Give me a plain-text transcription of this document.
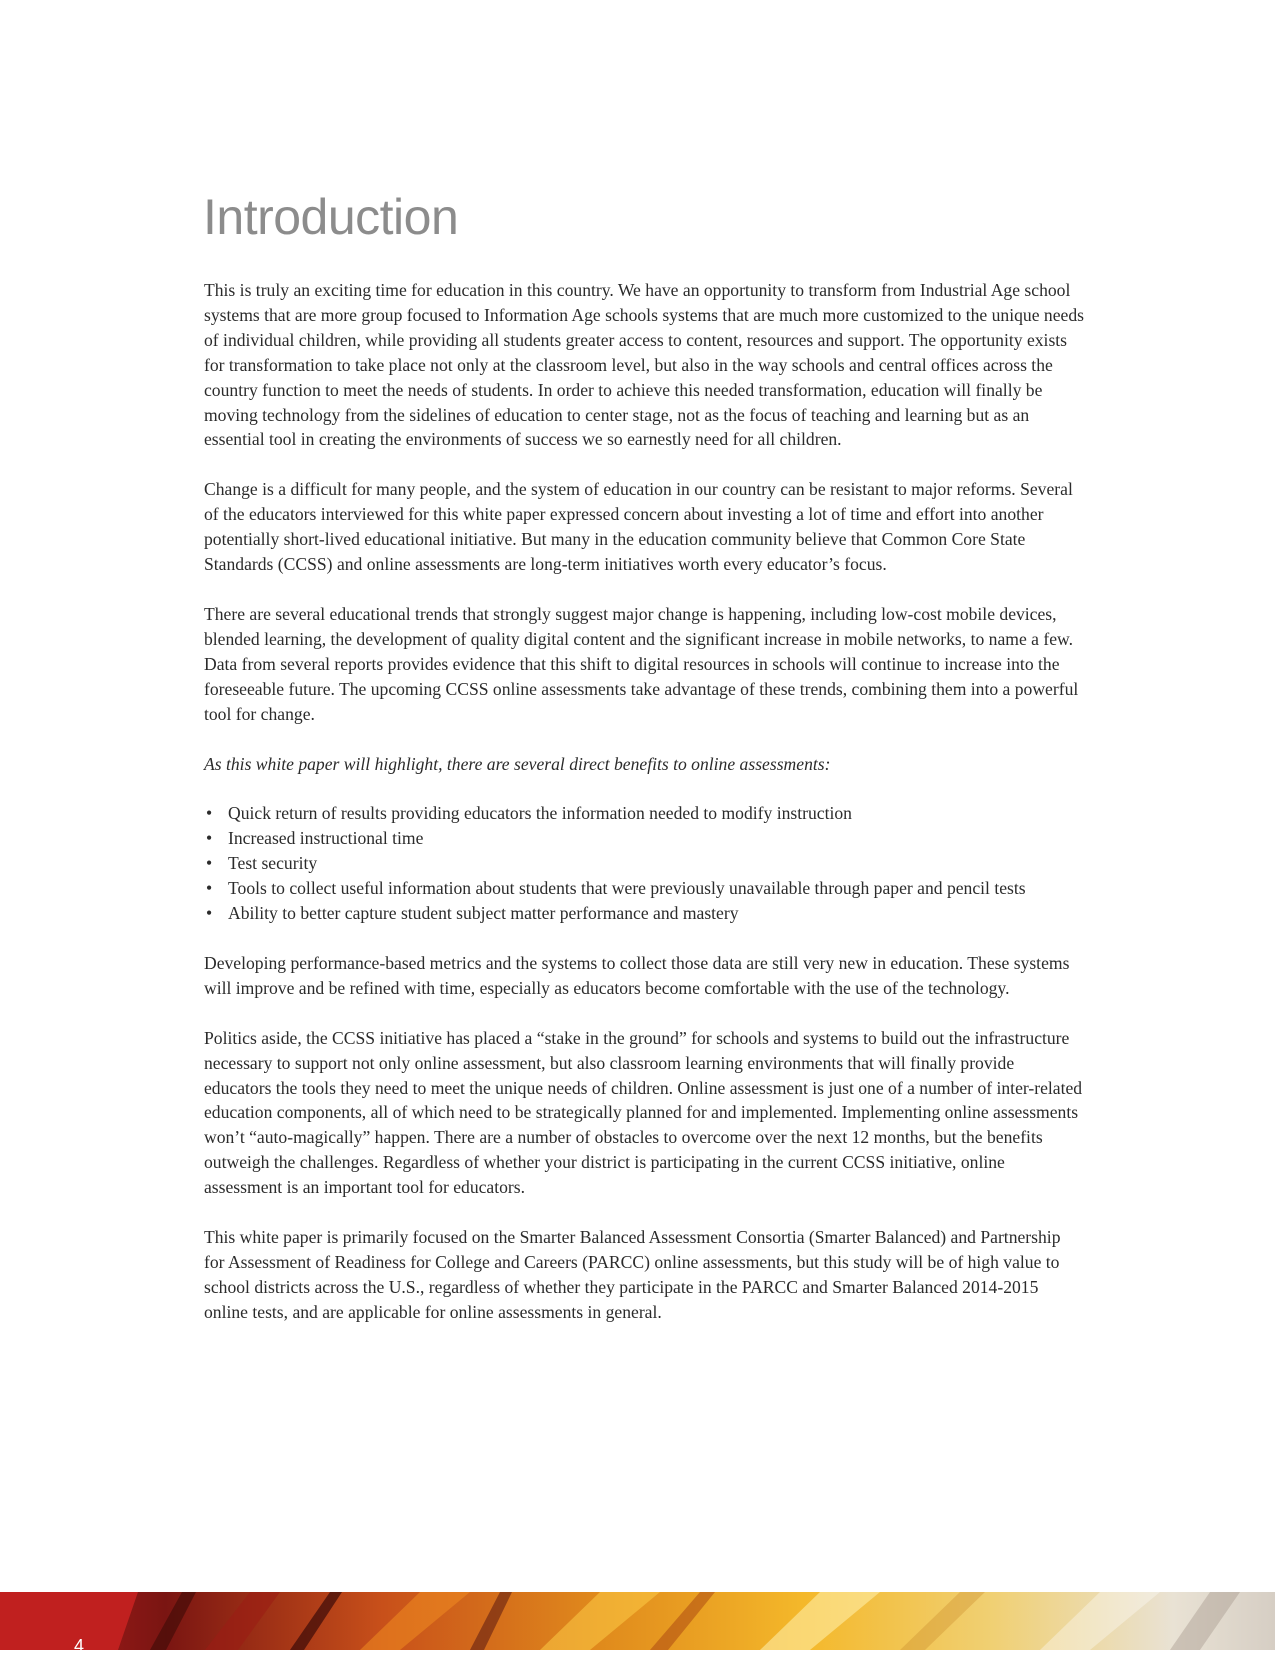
Introduction

This is truly an exciting time for education in this country. We have an opportunity to transform from Industrial Age school systems that are more group focused to Information Age schools systems that are much more customized to the unique needs of individual children, while providing all students greater access to content, resources and support. The opportunity exists for transformation to take place not only at the classroom level, but also in the way schools and central offices across the country function to meet the needs of students. In order to achieve this needed transformation, education will finally be moving technology from the sidelines of education to center stage, not as the focus of teaching and learning but as an essential tool in creating the environments of success we so earnestly need for all children.

Change is a difficult for many people, and the system of education in our country can be resistant to major reforms. Several of the educators interviewed for this white paper expressed concern about investing a lot of time and effort into another potentially short-lived educational initiative. But many in the education community believe that Common Core State Standards (CCSS) and online assessments are long-term initiatives worth every educator’s focus.

There are several educational trends that strongly suggest major change is happening, including low-cost mobile devices, blended learning, the development of quality digital content and the significant increase in mobile networks, to name a few. Data from several reports provides evidence that this shift to digital resources in schools will continue to increase into the foreseeable future. The upcoming CCSS online assessments take advantage of these trends, combining them into a powerful tool for change.

As this white paper will highlight, there are several direct benefits to online assessments:

• Quick return of results providing educators the information needed to modify instruction
• Increased instructional time
• Test security
• Tools to collect useful information about students that were previously unavailable through paper and pencil tests
• Ability to better capture student subject matter performance and mastery

Developing performance-based metrics and the systems to collect those data are still very new in education. These systems will improve and be refined with time, especially as educators become comfortable with the use of the technology.

Politics aside, the CCSS initiative has placed a “stake in the ground” for schools and systems to build out the infrastructure necessary to support not only online assessment, but also classroom learning environments that will finally provide educators the tools they need to meet the unique needs of children. Online assessment is just one of a number of inter-related education components, all of which need to be strategically planned for and implemented. Implementing online assessments won’t “auto-magically” happen. There are a number of obstacles to overcome over the next 12 months, but the benefits outweigh the challenges. Regardless of whether your district is participating in the current CCSS initiative, online assessment is an important tool for educators.

This white paper is primarily focused on the Smarter Balanced Assessment Consortia (Smarter Balanced) and Partnership for Assessment of Readiness for College and Careers (PARCC) online assessments, but this study will be of high value to school districts across the U.S., regardless of whether they participate in the PARCC and Smarter Balanced 2014-2015 online tests, and are applicable for online assessments in general.

4
